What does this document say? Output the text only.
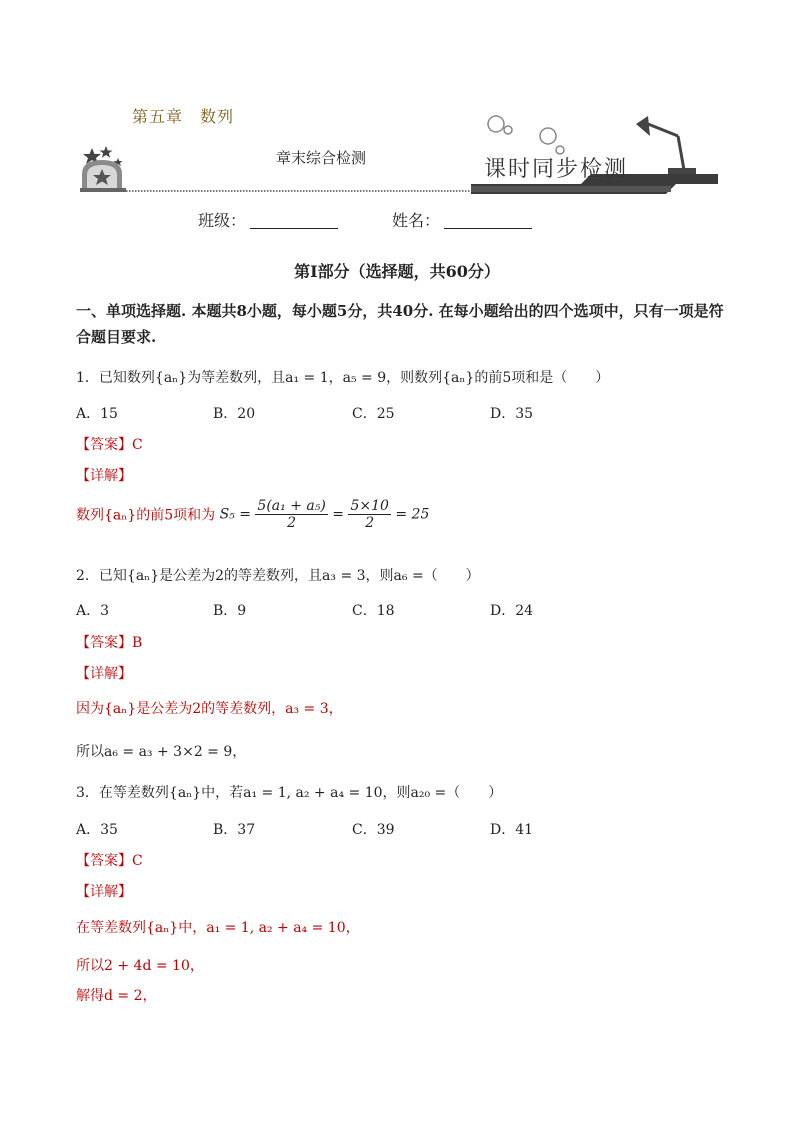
第五章　数列
章末综合检测	课时同步检测
班级：	姓名：
第Ⅰ部分（选择题，共60分）
一、单项选择题. 本题共8小题，每小题5分，共40分. 在每小题给出的四个选项中，只有一项是符合题目要求.
1．已知数列{aₙ}为等差数列，且a₁ = 1，a₅ = 9，则数列{aₙ}的前5项和是（　　）
A．15	B．20	C．25	D．35
【答案】C
【详解】
数列{aₙ}的前5项和为 $S_5 = \frac{\text{5(a₁ + a₅)}}{2} = \frac{5\times 10}{2} = 25$
2．已知{aₙ}是公差为2的等差数列，且a₃ = 3，则a₆ =（　　）
A．3	B．9	C．18	D．24
【答案】B
【详解】
因为{aₙ}是公差为2的等差数列，a₃ = 3，
所以a₆ = a₃ + 3×2 = 9，
3．在等差数列{aₙ}中，若a₁ = 1, a₂ + a₄ = 10，则a₂₀ =（　　）
A．35	B．37	C．39	D．41
【答案】C
【详解】
在等差数列{aₙ}中，a₁ = 1, a₂ + a₄ = 10，
所以2 + 4d = 10，
解得d = 2，
